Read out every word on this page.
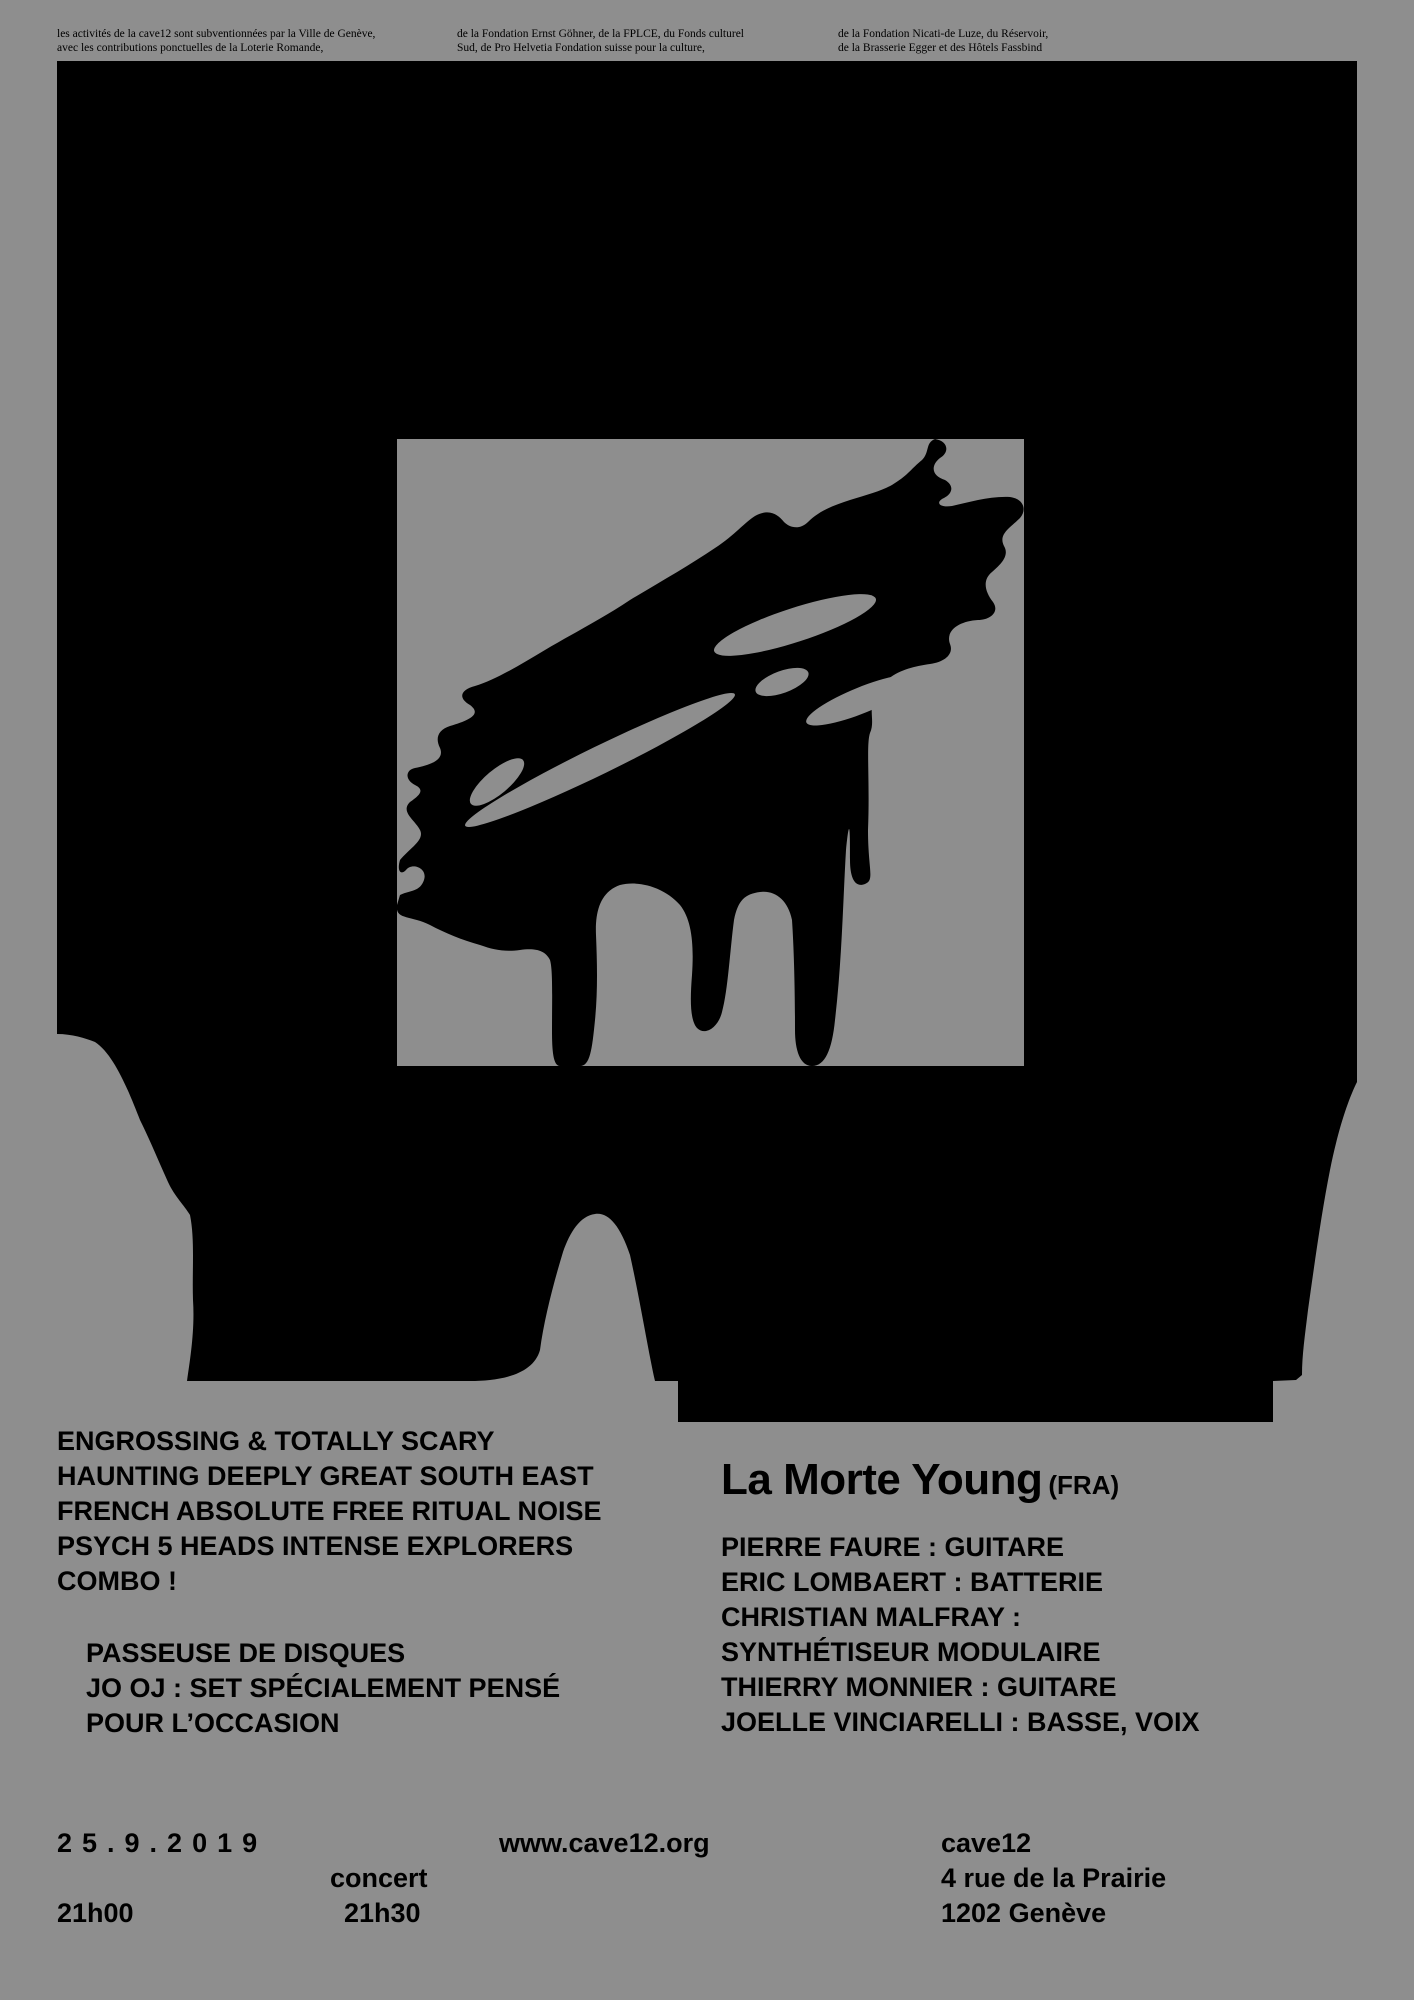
les activités de la cave12 sont subventionnées par la Ville de Genève,
avec les contributions ponctuelles de la Loterie Romande,
de la Fondation Ernst Göhner, de la FPLCE, du Fonds culturel
Sud, de Pro Helvetia Fondation suisse pour la culture,
de la Fondation Nicati-de Luze, du Réservoir,
de la Brasserie Egger et des Hôtels Fassbind
ENGROSSING & TOTALLY SCARY
HAUNTING DEEPLY GREAT SOUTH EAST
FRENCH ABSOLUTE FREE RITUAL NOISE
PSYCH 5 HEADS INTENSE EXPLORERS
COMBO !
PASSEUSE DE DISQUES
JO OJ : SET SPÉCIALEMENT PENSÉ
POUR L’OCCASION
La Morte Young (FRA)
PIERRE FAURE : GUITARE
ERIC LOMBAERT : BATTERIE
CHRISTIAN MALFRAY :
SYNTHÉTISEUR MODULAIRE
THIERRY MONNIER : GUITARE
JOELLE VINCIARELLI : BASSE, VOIX
25.9.2019
21h00
concert
21h30
www.cave12.org	cave12
4 rue de la Prairie
1202 Genève
